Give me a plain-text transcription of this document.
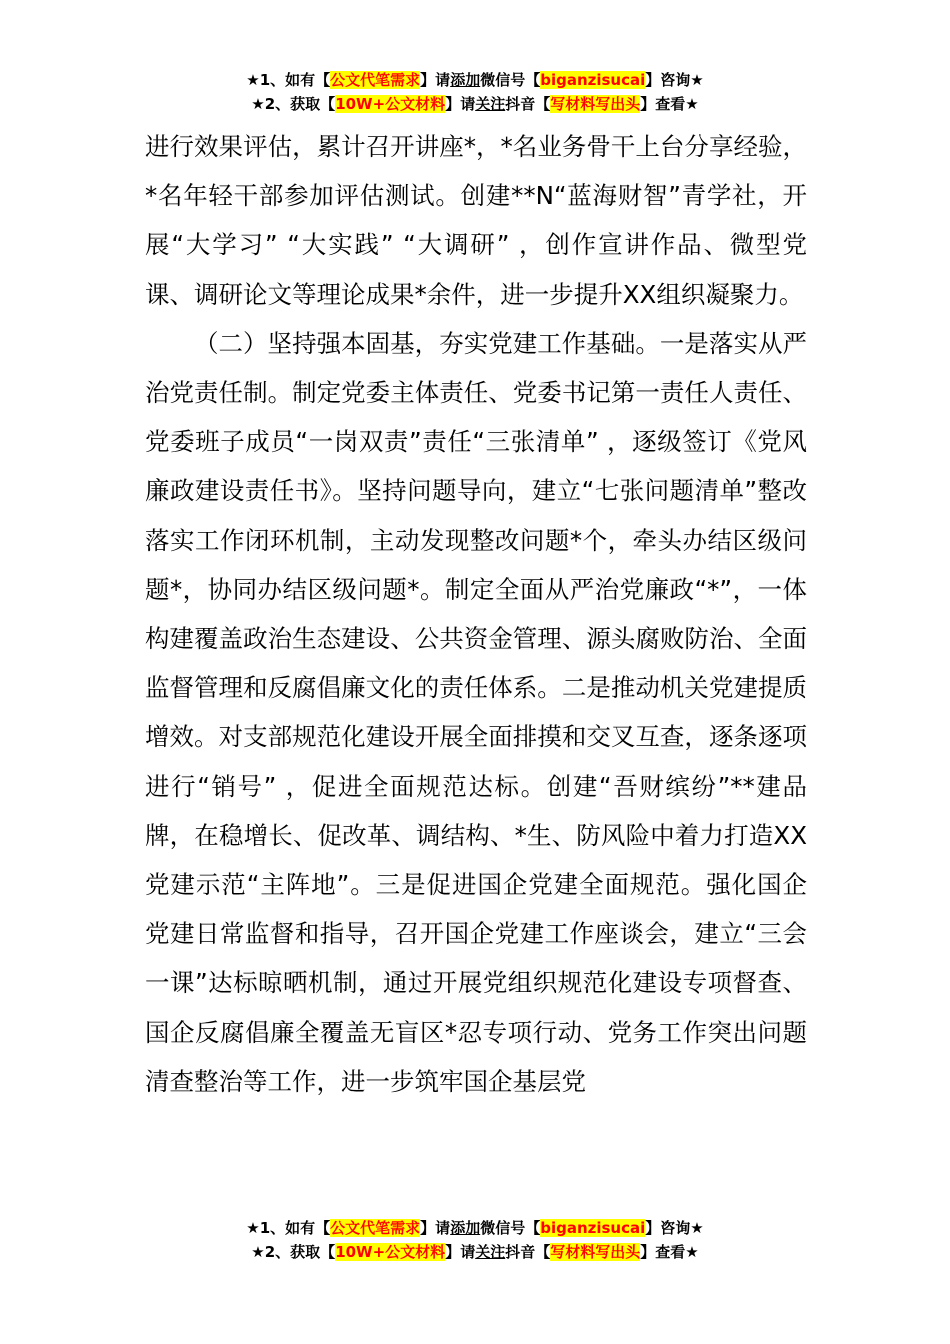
★1、如有【公文代笔需求】请添加微信号【biganzisucai】咨询★
★2、获取【10W+公文材料】请关注抖音【写材料写出头】查看★

进行效果评估，累计召开讲座*，*名业务骨干上台分享经验，*名年轻干部参加评估测试。创建**N“蓝海财智”青学社，开展“大学习” “大实践” “大调研” ，创作宣讲作品、微型党课、调研论文等理论成果*余件，进一步提升XX组织凝聚力。

（二）坚持强本固基，夯实党建工作基础。一是落实从严治党责任制。制定党委主体责任、党委书记第一责任人责任、党委班子成员“一岗双责”责任“三张清单” ，逐级签订《党风廉政建设责任书》。坚持问题导向，建立“七张问题清单”整改落实工作闭环机制，主动发现整改问题*个，牵头办结区级问题*，协同办结区级问题*。制定全面从严治党廉政“*”，一体构建覆盖政治生态建设、公共资金管理、源头腐败防治、全面监督管理和反腐倡廉文化的责任体系。二是推动机关党建提质增效。对支部规范化建设开展全面排摸和交叉互查，逐条逐项进行“销号” ，促进全面规范达标。创建“吾财缤纷”**建品牌，在稳增长、促改革、调结构、*生、防风险中着力打造XX党建示范“主阵地”。三是促进国企党建全面规范。强化国企党建日常监督和指导，召开国企党建工作座谈会，建立“三会一课”达标晾晒机制，通过开展党组织规范化建设专项督查、国企反腐倡廉全覆盖无盲区*忍专项行动、党务工作突出问题清查整治等工作，进一步筑牢国企基层党

★1、如有【公文代笔需求】请添加微信号【biganzisucai】咨询★
★2、获取【10W+公文材料】请关注抖音【写材料写出头】查看★
